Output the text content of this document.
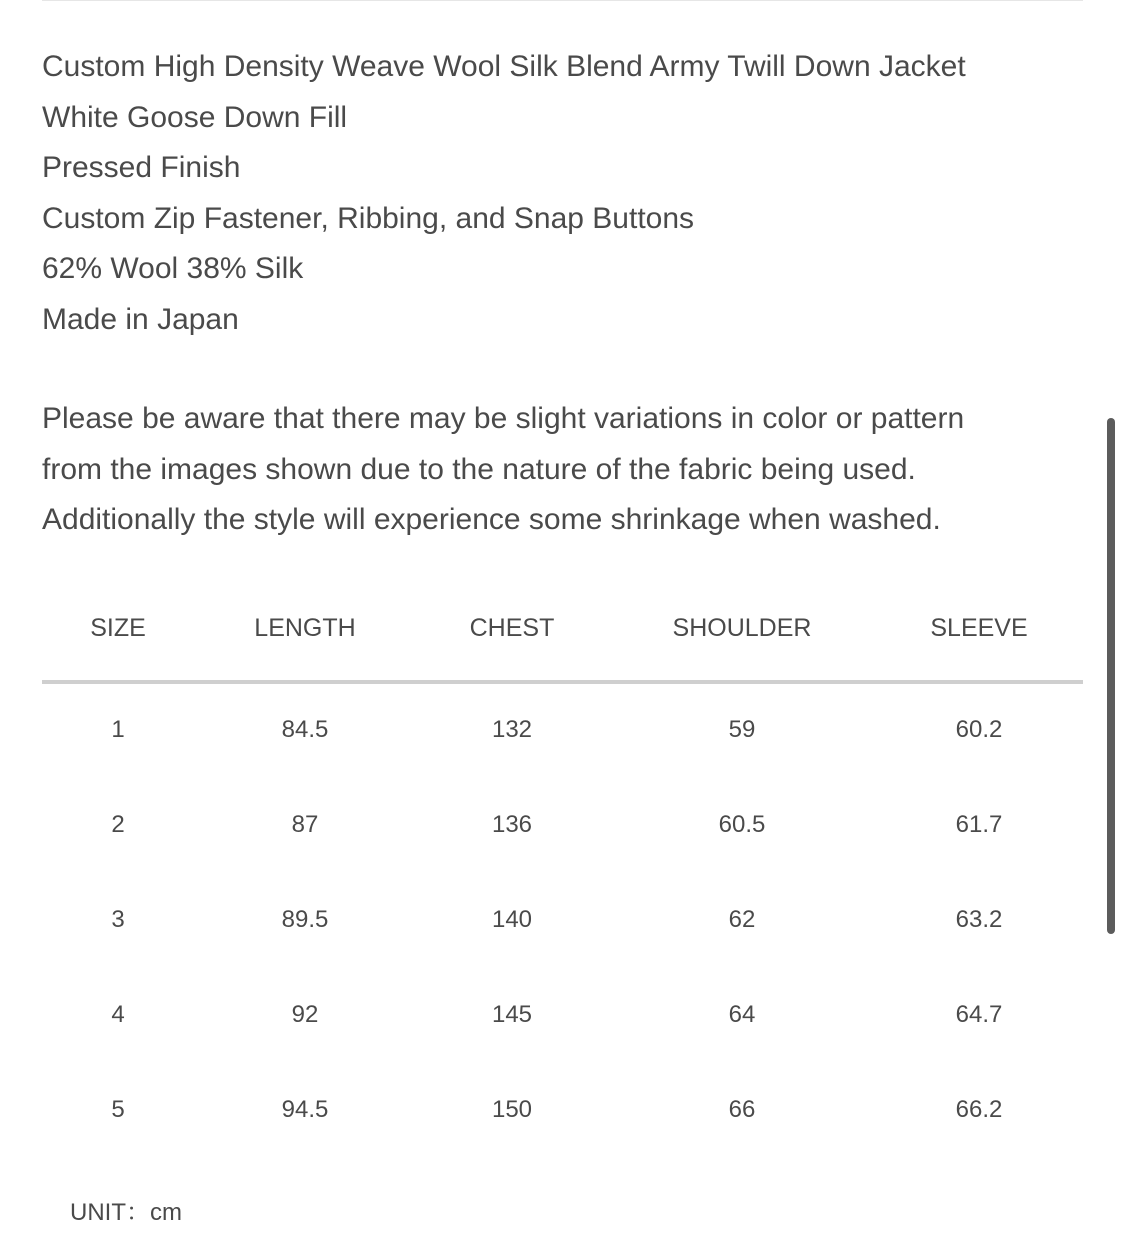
Custom High Density Weave Wool Silk Blend Army Twill Down Jacket
White Goose Down Fill
Pressed Finish
Custom Zip Fastener, Ribbing, and Snap Buttons
62% Wool 38% Silk
Made in Japan
Please be aware that there may be slight variations in color or pattern
from the images shown due to the nature of the fabric being used.
Additionally the style will experience some shrinkage when washed.
SIZE	LENGTH	CHEST	SHOULDER	SLEEVE
1	84.5	132	59	60.2
2	87	136	60.5	61.7
3	89.5	140	62	63.2
4	92	145	64	64.7
5	94.5	150	66	66.2
UNIT：cm
